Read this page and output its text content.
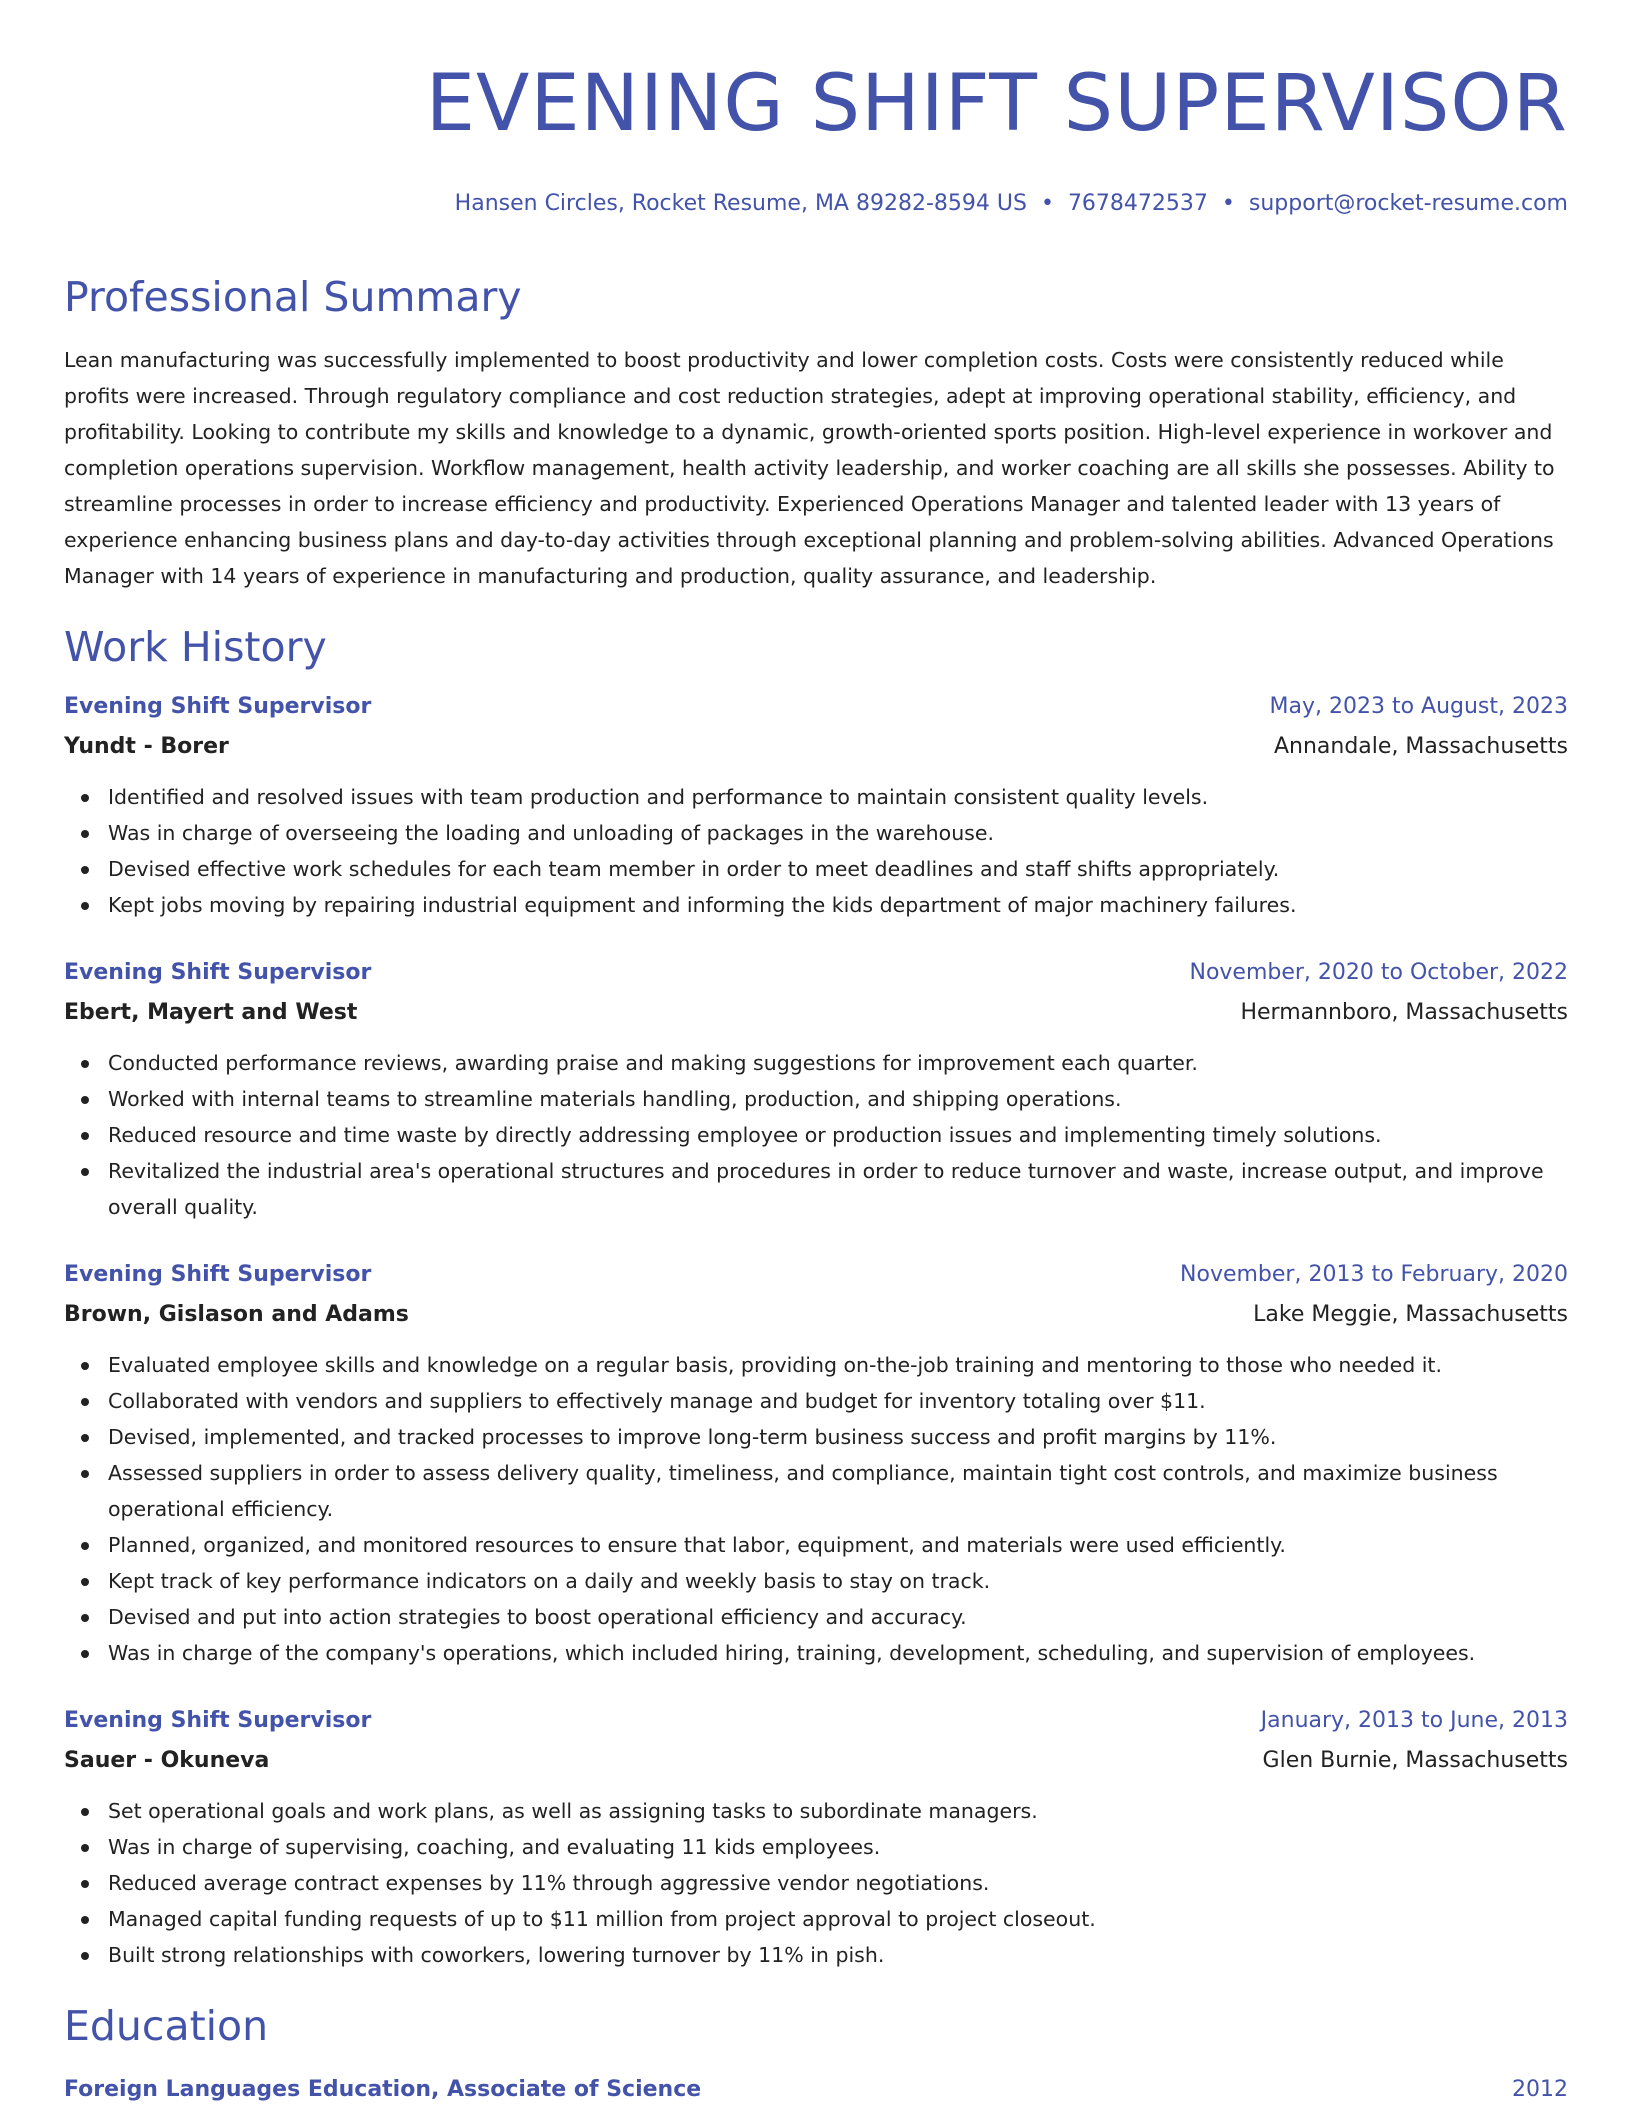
EVENING SHIFT SUPERVISOR
Hansen Circles, Rocket Resume, MA 89282-8594 US • 7678472537 • support@rocket-resume.com
Professional Summary

Lean manufacturing was successfully implemented to boost productivity and lower completion costs. Costs were consistently reduced while profits were increased. Through regulatory compliance and cost reduction strategies, adept at improving operational stability, efficiency, and profitability. Looking to contribute my skills and knowledge to a dynamic, growth-oriented sports position. High-level experience in workover and completion operations supervision. Workflow management, health activity leadership, and worker coaching are all skills she possesses. Ability to streamline processes in order to increase efficiency and productivity. Experienced Operations Manager and talented leader with 13 years of experience enhancing business plans and day-to-day activities through exceptional planning and problem-solving abilities. Advanced Operations Manager with 14 years of experience in manufacturing and production, quality assurance, and leadership.

Work History
Evening Shift Supervisor	May, 2023 to August, 2023
Yundt - Borer	Annandale, Massachusetts
Identified and resolved issues with team production and performance to maintain consistent quality levels.
Was in charge of overseeing the loading and unloading of packages in the warehouse.
Devised effective work schedules for each team member in order to meet deadlines and staff shifts appropriately.
Kept jobs moving by repairing industrial equipment and informing the kids department of major machinery failures.
Evening Shift Supervisor	November, 2020 to October, 2022
Ebert, Mayert and West	Hermannboro, Massachusetts
Conducted performance reviews, awarding praise and making suggestions for improvement each quarter.
Worked with internal teams to streamline materials handling, production, and shipping operations.
Reduced resource and time waste by directly addressing employee or production issues and implementing timely solutions.
Revitalized the industrial area's operational structures and procedures in order to reduce turnover and waste, increase output, and improve overall quality.
Evening Shift Supervisor	November, 2013 to February, 2020
Brown, Gislason and Adams	Lake Meggie, Massachusetts
Evaluated employee skills and knowledge on a regular basis, providing on-the-job training and mentoring to those who needed it.
Collaborated with vendors and suppliers to effectively manage and budget for inventory totaling over $11.
Devised, implemented, and tracked processes to improve long-term business success and profit margins by 11%.
Assessed suppliers in order to assess delivery quality, timeliness, and compliance, maintain tight cost controls, and maximize business operational efficiency.
Planned, organized, and monitored resources to ensure that labor, equipment, and materials were used efficiently.
Kept track of key performance indicators on a daily and weekly basis to stay on track.
Devised and put into action strategies to boost operational efficiency and accuracy.
Was in charge of the company's operations, which included hiring, training, development, scheduling, and supervision of employees.
Evening Shift Supervisor	January, 2013 to June, 2013
Sauer - Okuneva	Glen Burnie, Massachusetts
Set operational goals and work plans, as well as assigning tasks to subordinate managers.
Was in charge of supervising, coaching, and evaluating 11 kids employees.
Reduced average contract expenses by 11% through aggressive vendor negotiations.
Managed capital funding requests of up to $11 million from project approval to project closeout.
Built strong relationships with coworkers, lowering turnover by 11% in pish.
Education
Foreign Languages Education, Associate of Science	2012
